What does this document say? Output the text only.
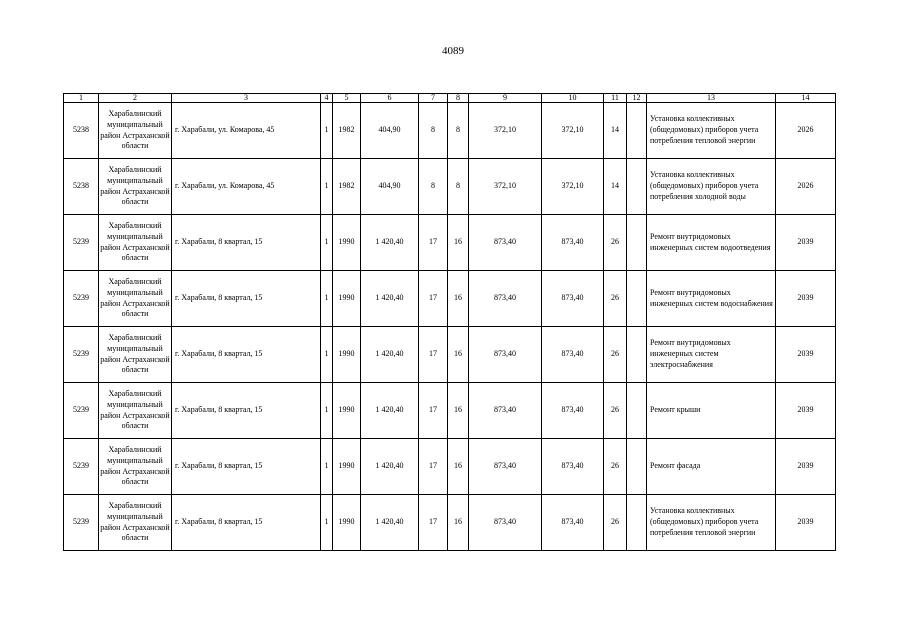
4089
1	2	3	4	5	6	7	8	9	10	11	12	13	14
5238	Харабалинский муниципальный район Астраханской области	г. Харабали, ул. Комарова, 45	1	1982	404,90	8	8	372,10	372,10	14		Установка коллективных (общедомовых) приборов учета потребления тепловой энергии	2026
5238	Харабалинский муниципальный район Астраханской области	г. Харабали, ул. Комарова, 45	1	1982	404,90	8	8	372,10	372,10	14		Установка коллективных (общедомовых) приборов учета потребления холодной воды	2026
5239	Харабалинский муниципальный район Астраханской области	г. Харабали, 8 квартал, 15	1	1990	1 420,40	17	16	873,40	873,40	26		Ремонт внутридомовых инженерных систем водоотведения	2039
5239	Харабалинский муниципальный район Астраханской области	г. Харабали, 8 квартал, 15	1	1990	1 420,40	17	16	873,40	873,40	26		Ремонт внутридомовых инженерных систем водоснабжения	2039
5239	Харабалинский муниципальный район Астраханской области	г. Харабали, 8 квартал, 15	1	1990	1 420,40	17	16	873,40	873,40	26		Ремонт внутридомовых инженерных систем электроснабжения	2039
5239	Харабалинский муниципальный район Астраханской области	г. Харабали, 8 квартал, 15	1	1990	1 420,40	17	16	873,40	873,40	26		Ремонт крыши	2039
5239	Харабалинский муниципальный район Астраханской области	г. Харабали, 8 квартал, 15	1	1990	1 420,40	17	16	873,40	873,40	26		Ремонт фасада	2039
5239	Харабалинский муниципальный район Астраханской области	г. Харабали, 8 квартал, 15	1	1990	1 420,40	17	16	873,40	873,40	26		Установка коллективных (общедомовых) приборов учета потребления тепловой энергии	2039
